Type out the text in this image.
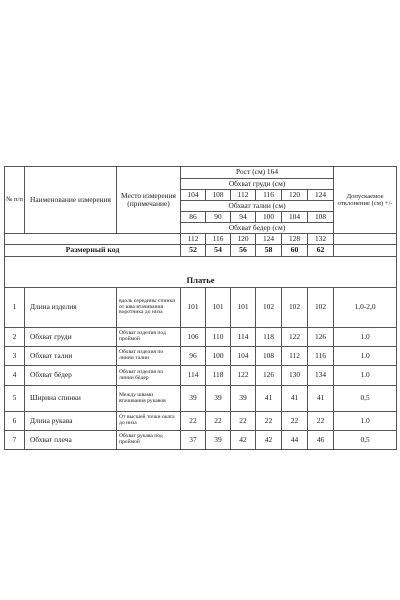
№ п/п	Наименование измерения	Место измерения (примечание)	Рост (см) 164						Допускаемое отклонение (см) +/-
			Обхват груди (см)						
			104	108	112	116	120	124	
			Обхват талии (см)						
			86	90	94	100	104	108	
			Обхват бедер (см)						
			112	116	120	124	128	132	
Размерный код			52	54	56	58	60	62	

Платье									
1	Длина изделия	вдоль середины спинки от шва втачивания воротника до низа	101	101	101	102	102	102	1,0-2,0
2	Обхват груди	Обхват изделия под проймой	106	110	114	118	122	126	1.0
3	Обхват талии	Обхват изделия по линии талии	96	100	104	108	112	116	1.0
4	Обхват бёдер	Обхват изделия по линии бёдер	114	118	122	126	130	134	1.0
5	Ширина спинки	Между швами втачивания рукавов	39	39	39	41	41	41	0,5
6	Длина рукава	От высшей точки оката до низа	22	22	22	22	22	22	1.0
7	Обхват плеча	Обхват рукава под проймой	37	39	42	42	44	46	0,5
